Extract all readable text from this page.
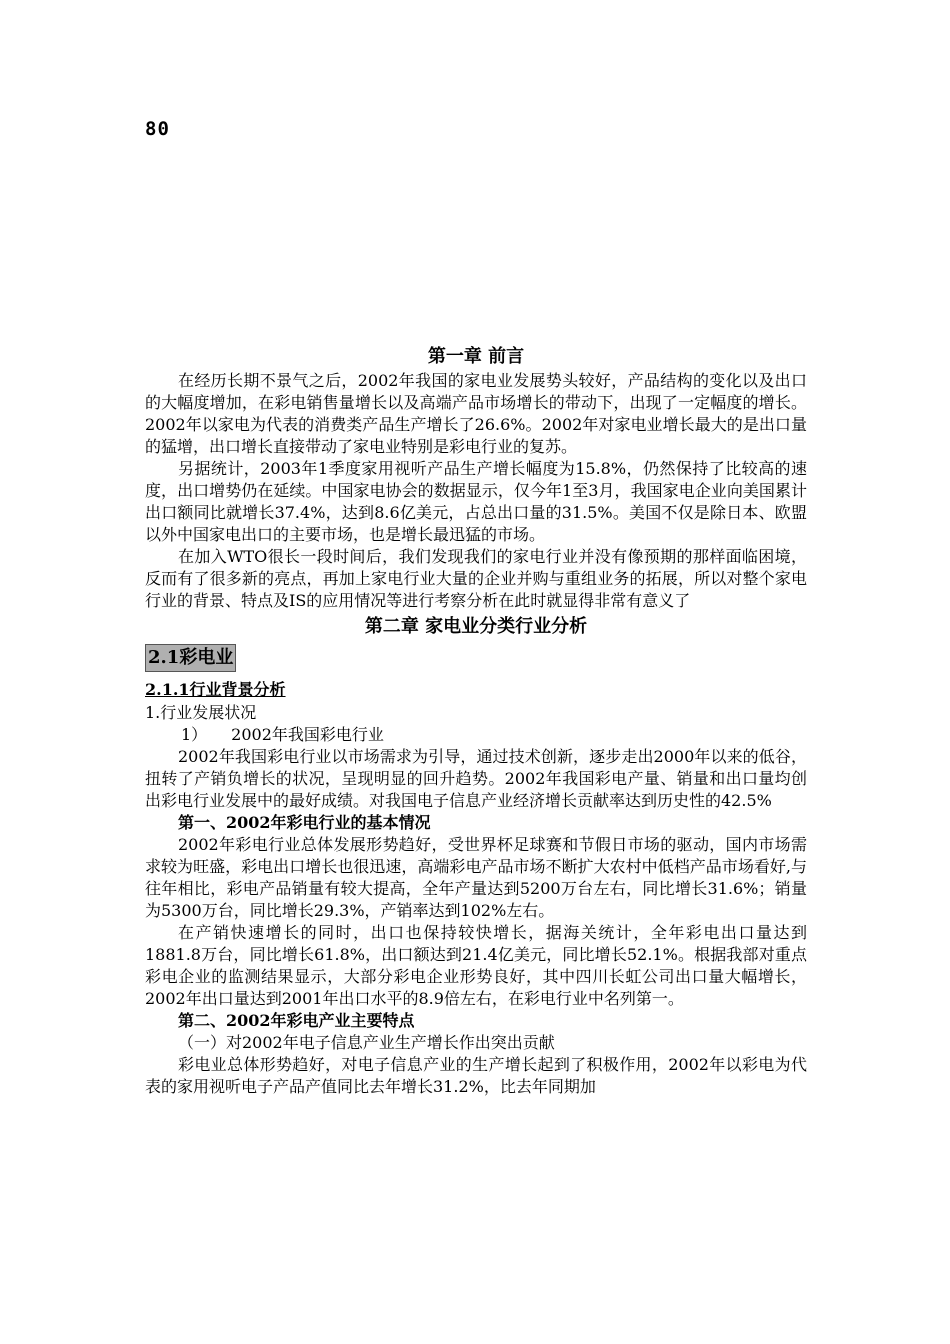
80
第一章 前言

在经历长期不景气之后，2002年我国的家电业发展势头较好，产品结构的变化以及出口的大幅度增加，在彩电销售量增长以及高端产品市场增长的带动下，出现了一定幅度的增长。2002年以家电为代表的消费类产品生产增长了26.6%。2002年对家电业增长最大的是出口量的猛增，出口增长直接带动了家电业特别是彩电行业的复苏。

另据统计，2003年1季度家用视听产品生产增长幅度为15.8%，仍然保持了比较高的速度，出口增势仍在延续。中国家电协会的数据显示，仅今年1至3月，我国家电企业向美国累计出口额同比就增长37.4%，达到8.6亿美元，占总出口量的31.5%。美国不仅是除日本、欧盟以外中国家电出口的主要市场，也是增长最迅猛的市场。

在加入WTO很长一段时间后，我们发现我们的家电行业并没有像预期的那样面临困境，反而有了很多新的亮点，再加上家电行业大量的企业并购与重组业务的拓展，所以对整个家电行业的背景、特点及IS的应用情况等进行考察分析在此时就显得非常有意义了

第二章 家电业分类行业分析
2.1彩电业
2.1.1行业背景分析

1.行业发展状况

1）　　2002年我国彩电行业

2002年我国彩电行业以市场需求为引导，通过技术创新，逐步走出2000年以来的低谷，扭转了产销负增长的状况，呈现明显的回升趋势。2002年我国彩电产量、销量和出口量均创出彩电行业发展中的最好成绩。对我国电子信息产业经济增长贡献率达到历史性的42.5%

第一、2002年彩电行业的基本情况

2002年彩电行业总体发展形势趋好，受世界杯足球赛和节假日市场的驱动，国内市场需求较为旺盛，彩电出口增长也很迅速，高端彩电产品市场不断扩大农村中低档产品市场看好,与往年相比，彩电产品销量有较大提高，全年产量达到5200万台左右，同比增长31.6%；销量为5300万台，同比增长29.3%，产销率达到102%左右。

在产销快速增长的同时，出口也保持较快增长，据海关统计，全年彩电出口量达到1881.8万台，同比增长61.8%，出口额达到21.4亿美元，同比增长52.1%。根据我部对重点彩电企业的监测结果显示，大部分彩电企业形势良好，其中四川长虹公司出口量大幅增长，2002年出口量达到2001年出口水平的8.9倍左右，在彩电行业中名列第一。

第二、2002年彩电产业主要特点

（一）对2002年电子信息产业生产增长作出突出贡献

彩电业总体形势趋好，对电子信息产业的生产增长起到了积极作用，2002年以彩电为代表的家用视听电子产品产值同比去年增长31.2%，比去年同期加
